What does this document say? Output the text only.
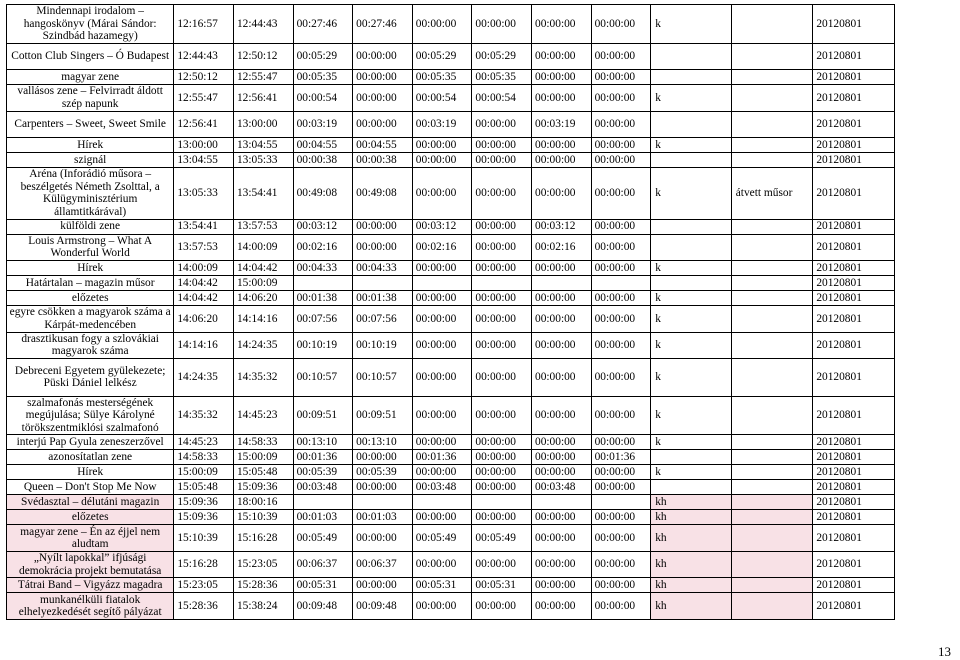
Mindennapi irodalom – hangoskönyv (Márai Sándor: Szindbád hazamegy)	12:16:57	12:44:43	00:27:46	00:27:46	00:00:00	00:00:00	00:00:00	00:00:00	k		20120801
Cotton Club Singers – Ó Budapest	12:44:43	12:50:12	00:05:29	00:00:00	00:05:29	00:05:29	00:00:00	00:00:00			20120801
magyar zene	12:50:12	12:55:47	00:05:35	00:00:00	00:05:35	00:05:35	00:00:00	00:00:00			20120801
vallásos zene – Felvirradt áldott szép napunk	12:55:47	12:56:41	00:00:54	00:00:00	00:00:54	00:00:54	00:00:00	00:00:00	k		20120801
Carpenters – Sweet, Sweet Smile	12:56:41	13:00:00	00:03:19	00:00:00	00:03:19	00:00:00	00:03:19	00:00:00			20120801
Hírek	13:00:00	13:04:55	00:04:55	00:04:55	00:00:00	00:00:00	00:00:00	00:00:00	k		20120801
szignál	13:04:55	13:05:33	00:00:38	00:00:38	00:00:00	00:00:00	00:00:00	00:00:00			20120801
Aréna (Inforádió műsora – beszélgetés Németh Zsolttal, a Külügyminisztérium államtitkárával)	13:05:33	13:54:41	00:49:08	00:49:08	00:00:00	00:00:00	00:00:00	00:00:00	k	átvett műsor	20120801
külföldi zene	13:54:41	13:57:53	00:03:12	00:00:00	00:03:12	00:00:00	00:03:12	00:00:00			20120801
Louis Armstrong – What A Wonderful World	13:57:53	14:00:09	00:02:16	00:00:00	00:02:16	00:00:00	00:02:16	00:00:00			20120801
Hírek	14:00:09	14:04:42	00:04:33	00:04:33	00:00:00	00:00:00	00:00:00	00:00:00	k		20120801
Határtalan – magazin műsor	14:04:42	15:00:09									20120801
előzetes	14:04:42	14:06:20	00:01:38	00:01:38	00:00:00	00:00:00	00:00:00	00:00:00	k		20120801
egyre csökken a magyarok száma a Kárpát-medencében	14:06:20	14:14:16	00:07:56	00:07:56	00:00:00	00:00:00	00:00:00	00:00:00	k		20120801
drasztikusan fogy a szlovákiai magyarok száma	14:14:16	14:24:35	00:10:19	00:10:19	00:00:00	00:00:00	00:00:00	00:00:00	k		20120801
Debreceni Egyetem gyülekezete; Püski Dániel lelkész	14:24:35	14:35:32	00:10:57	00:10:57	00:00:00	00:00:00	00:00:00	00:00:00	k		20120801
szalmafonás mesterségének megújulása; Sülye Károlyné törökszentmiklósi szalmafonó	14:35:32	14:45:23	00:09:51	00:09:51	00:00:00	00:00:00	00:00:00	00:00:00	k		20120801
interjú Pap Gyula zeneszerzővel	14:45:23	14:58:33	00:13:10	00:13:10	00:00:00	00:00:00	00:00:00	00:00:00	k		20120801
azonosítatlan zene	14:58:33	15:00:09	00:01:36	00:00:00	00:01:36	00:00:00	00:00:00	00:01:36			20120801
Hírek	15:00:09	15:05:48	00:05:39	00:05:39	00:00:00	00:00:00	00:00:00	00:00:00	k		20120801
Queen – Don't Stop Me Now	15:05:48	15:09:36	00:03:48	00:00:00	00:03:48	00:00:00	00:03:48	00:00:00			20120801
Svédasztal – délutáni magazin	15:09:36	18:00:16							kh		20120801
előzetes	15:09:36	15:10:39	00:01:03	00:01:03	00:00:00	00:00:00	00:00:00	00:00:00	kh		20120801
magyar zene – Én az éjjel nem aludtam	15:10:39	15:16:28	00:05:49	00:00:00	00:05:49	00:05:49	00:00:00	00:00:00	kh		20120801
„Nyílt lapokkal” ifjúsági demokrácia projekt bemutatása	15:16:28	15:23:05	00:06:37	00:06:37	00:00:00	00:00:00	00:00:00	00:00:00	kh		20120801
Tátrai Band – Vigyázz magadra	15:23:05	15:28:36	00:05:31	00:00:00	00:05:31	00:05:31	00:00:00	00:00:00	kh		20120801
munkanélküli fiatalok elhelyezkedését segítő pályázat	15:28:36	15:38:24	00:09:48	00:09:48	00:00:00	00:00:00	00:00:00	00:00:00	kh		20120801
13
